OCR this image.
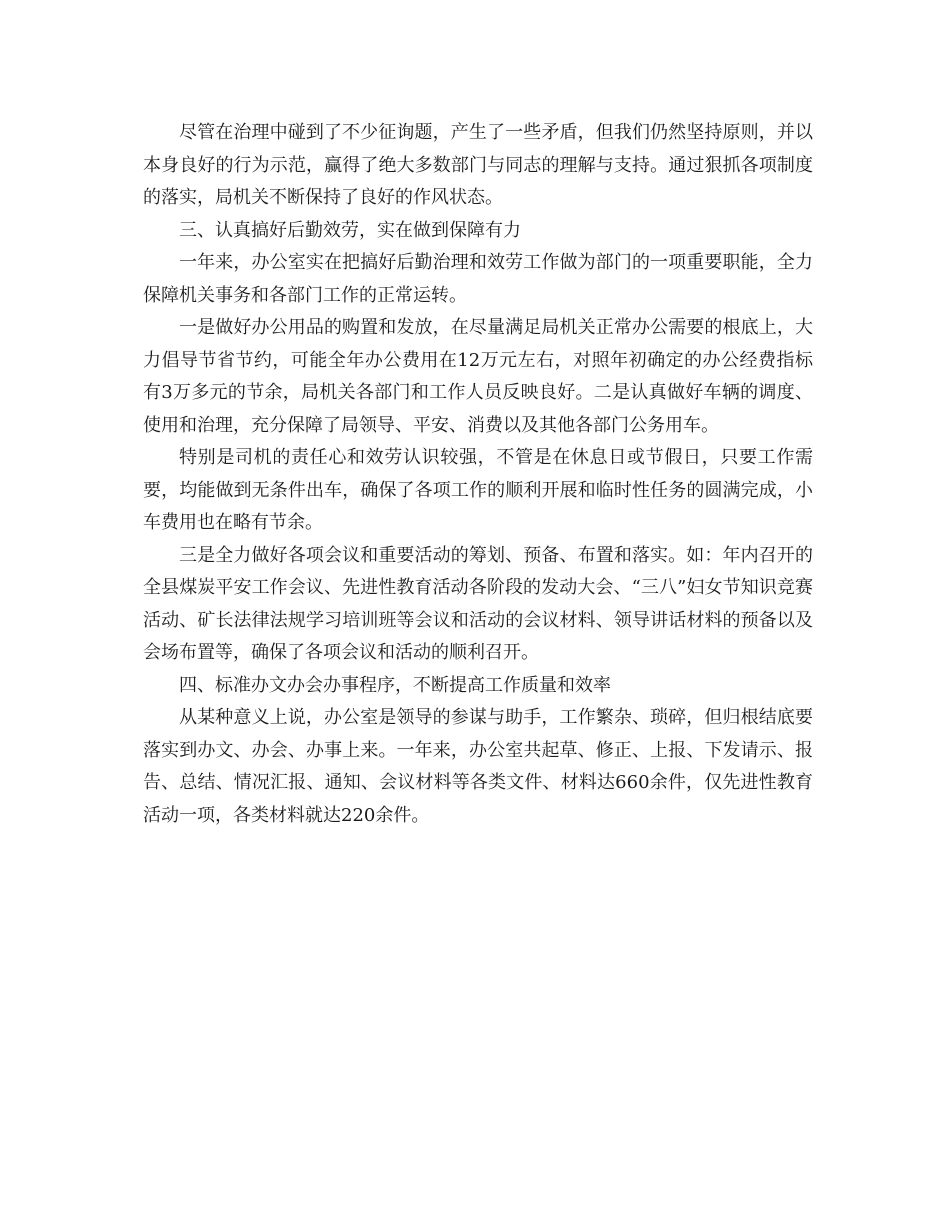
尽管在治理中碰到了不少征询题，产生了一些矛盾，但我们仍然坚持原则，并以本身良好的行为示范，赢得了绝大多数部门与同志的理解与支持。通过狠抓各项制度的落实，局机关不断保持了良好的作风状态。

三、认真搞好后勤效劳，实在做到保障有力

一年来，办公室实在把搞好后勤治理和效劳工作做为部门的一项重要职能，全力保障机关事务和各部门工作的正常运转。

一是做好办公用品的购置和发放，在尽量满足局机关正常办公需要的根底上，大力倡导节省节约，可能全年办公费用在12万元左右，对照年初确定的办公经费指标有3万多元的节余，局机关各部门和工作人员反映良好。二是认真做好车辆的调度、使用和治理，充分保障了局领导、平安、消费以及其他各部门公务用车。

特别是司机的责任心和效劳认识较强，不管是在休息日或节假日，只要工作需要，均能做到无条件出车，确保了各项工作的顺利开展和临时性任务的圆满完成，小车费用也在略有节余。

三是全力做好各项会议和重要活动的筹划、预备、布置和落实。如：年内召开的全县煤炭平安工作会议、先进性教育活动各阶段的发动大会、“三八”妇女节知识竞赛活动、矿长法律法规学习培训班等会议和活动的会议材料、领导讲话材料的预备以及会场布置等，确保了各项会议和活动的顺利召开。

四、标准办文办会办事程序，不断提高工作质量和效率

从某种意义上说，办公室是领导的参谋与助手，工作繁杂、琐碎，但归根结底要落实到办文、办会、办事上来。一年来，办公室共起草、修正、上报、下发请示、报告、总结、情况汇报、通知、会议材料等各类文件、材料达660余件，仅先进性教育活动一项，各类材料就达220余件。
